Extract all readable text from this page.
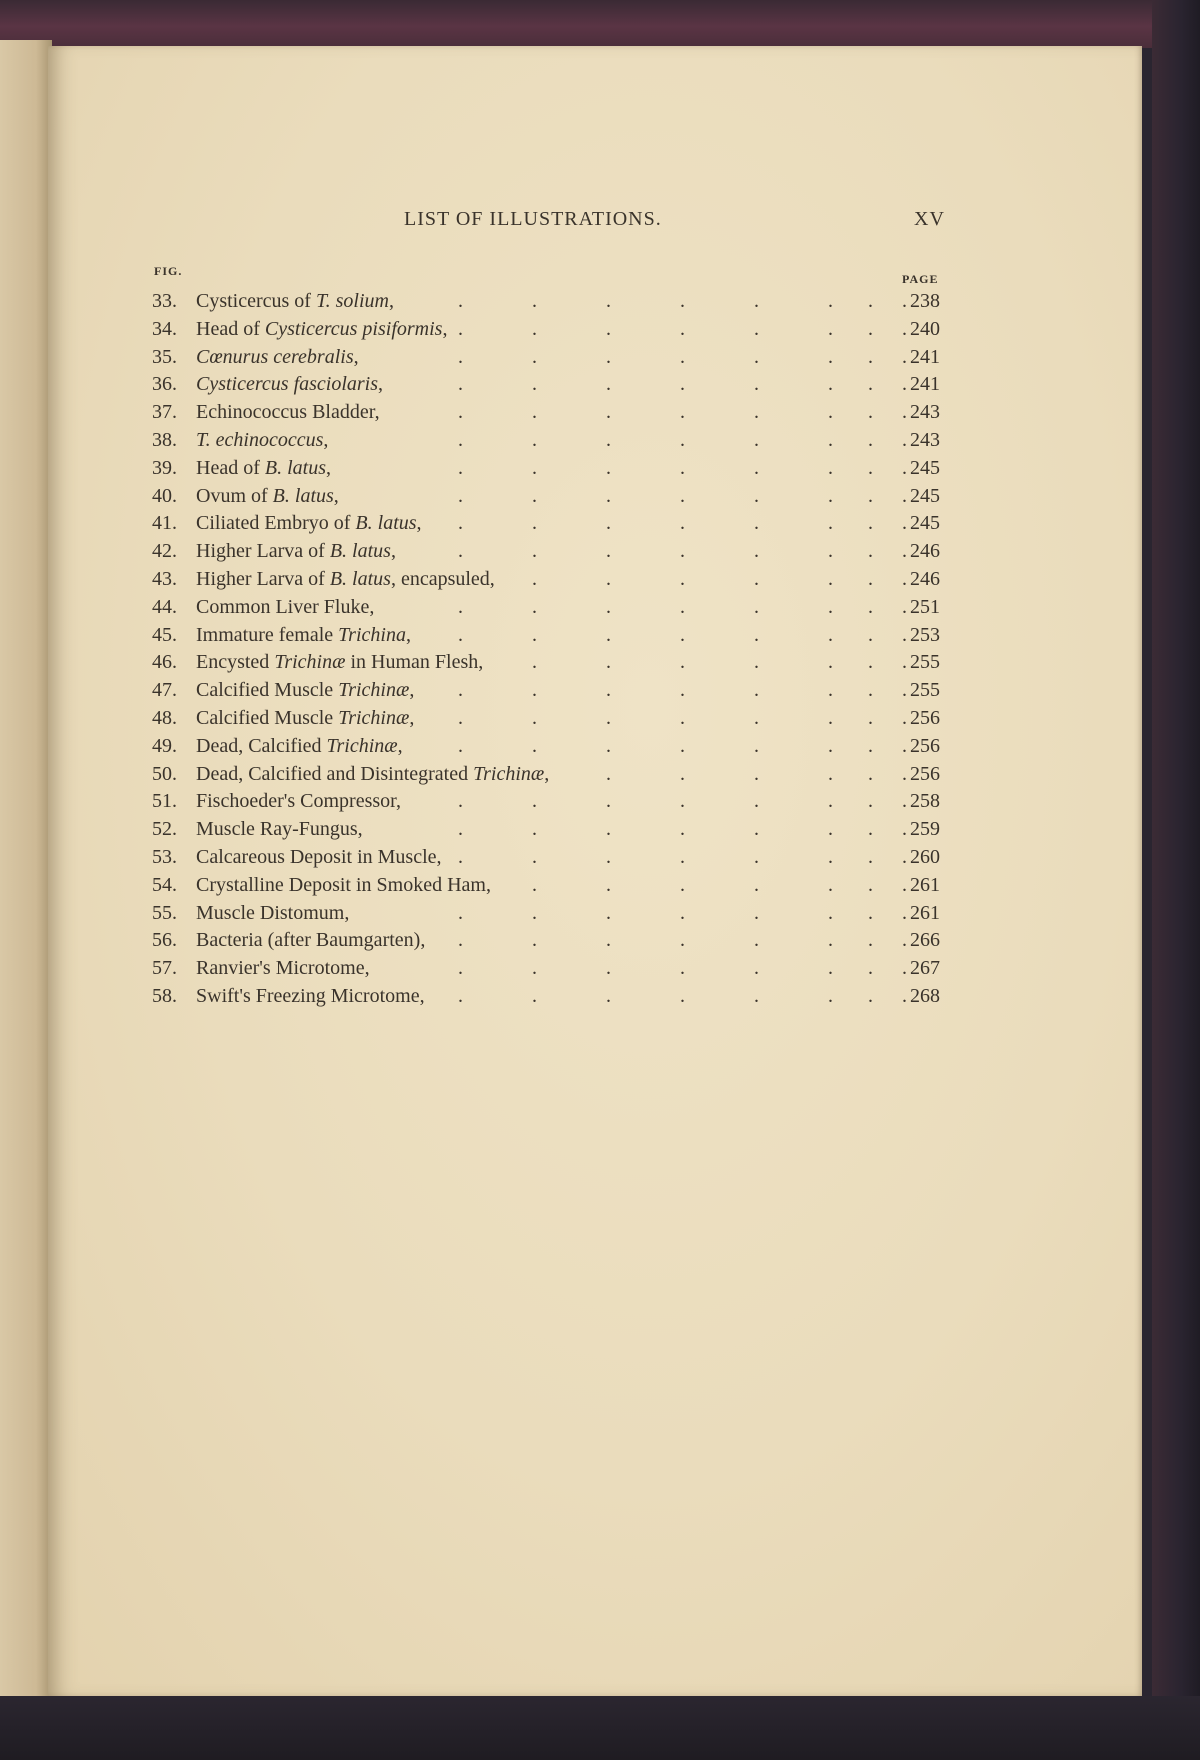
LIST OF ILLUSTRATIONS.	XV
FIG.
PAGE
33. Cysticercus of T. solium,	238
.	.	.	.	.	.	.
.
34. Head of Cysticercus pisiformis,	240
.	.	.	.	.	.	.
.
35. Cœnurus cerebralis,	241
.	.	.	.	.	.	.
.
36. Cysticercus fasciolaris,	241
.	.	.	.	.	.	.
.
37. Echinococcus Bladder,	243
.	.	.	.	.	.	.
.
38. T. echinococcus,	243
.	.	.	.	.	.	.
.
39. Head of B. latus,	245
.	.	.	.	.	.	.
.
40. Ovum of B. latus,	245
.	.	.	.	.	.	.
.
41. Ciliated Embryo of B. latus,	245
.	.	.	.	.	.	.
.
42. Higher Larva of B. latus,	246
.	.	.	.	.	.	.
.
43. Higher Larva of B. latus, encapsuled,	246
.	.	.	.	.	.
.
44. Common Liver Fluke,	251
.	.	.	.	.	.	.
.
45. Immature female Trichina,	253
.	.	.	.	.	.	.
.
46. Encysted Trichinæ in Human Flesh,	255
.	.	.	.	.	.
.
47. Calcified Muscle Trichinæ,	255
.	.	.	.	.	.	.
.
48. Calcified Muscle Trichinæ,	256
.	.	.	.	.	.	.
.
49. Dead, Calcified Trichinæ,	256
.	.	.	.	.	.	.
.
50. Dead, Calcified and Disintegrated Trichinæ,	256
.	.	.	.	.
.
51. Fischoeder's Compressor,	258
.	.	.	.	.	.	.
.
52. Muscle Ray-Fungus,	259
.	.	.	.	.	.	.
.
53. Calcareous Deposit in Muscle,	260
.	.	.	.	.	.	.
.
54. Crystalline Deposit in Smoked Ham,	261
.	.	.	.	.	.
.
55. Muscle Distomum,	261
.	.	.	.	.	.	.
.
56. Bacteria (after Baumgarten),	266
.	.	.	.	.	.	.
.
57. Ranvier's Microtome,	267
.	.	.	.	.	.	.
.
58. Swift's Freezing Microtome,	268
.	.	.	.	.	.	.
.
